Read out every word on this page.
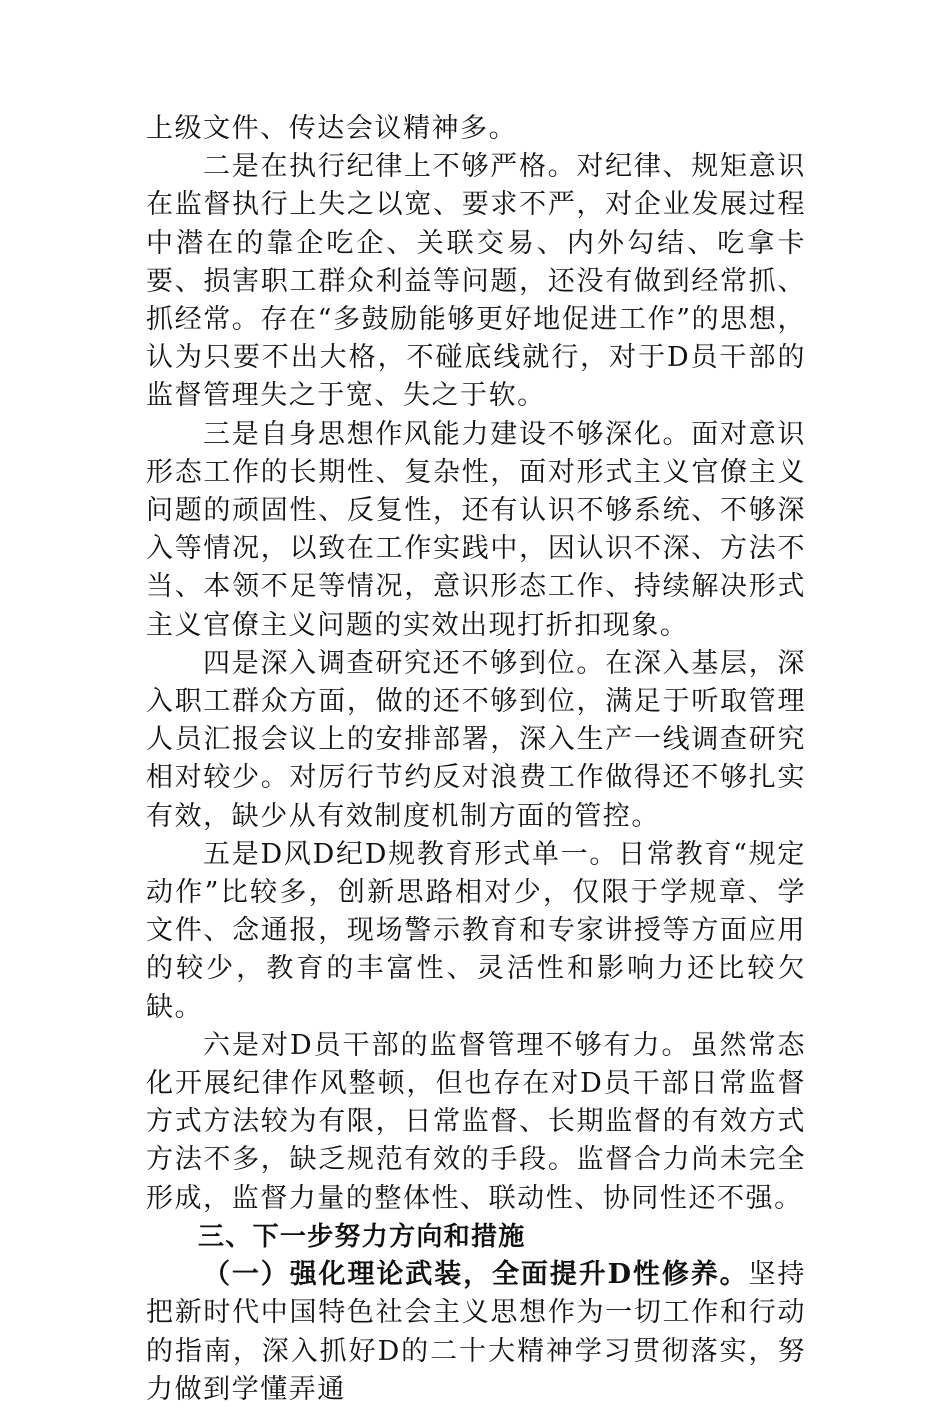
上级文件、传达会议精神多。

二是在执行纪律上不够严格。对纪律、规矩意识在监督执行上失之以宽、要求不严，对企业发展过程中潜在的靠企吃企、关联交易、内外勾结、吃拿卡要、损害职工群众利益等问题，还没有做到经常抓、抓经常。存在“多鼓励能够更好地促进工作”的思想，认为只要不出大格，不碰底线就行，对于D员干部的监督管理失之于宽、失之于软。

三是自身思想作风能力建设不够深化。面对意识形态工作的长期性、复杂性，面对形式主义官僚主义问题的顽固性、反复性，还有认识不够系统、不够深入等情况，以致在工作实践中，因认识不深、方法不当、本领不足等情况，意识形态工作、持续解决形式主义官僚主义问题的实效出现打折扣现象。

四是深入调查研究还不够到位。在深入基层，深入职工群众方面，做的还不够到位，满足于听取管理人员汇报会议上的安排部署，深入生产一线调查研究相对较少。对厉行节约反对浪费工作做得还不够扎实有效，缺少从有效制度机制方面的管控。

五是D风D纪D规教育形式单一。日常教育“规定动作”比较多，创新思路相对少，仅限于学规章、学文件、念通报，现场警示教育和专家讲授等方面应用的较少，教育的丰富性、灵活性和影响力还比较欠缺。

六是对D员干部的监督管理不够有力。虽然常态化开展纪律作风整顿，但也存在对D员干部日常监督方式方法较为有限，日常监督、长期监督的有效方式方法不多，缺乏规范有效的手段。监督合力尚未完全形成，监督力量的整体性、联动性、协同性还不强。

三、下一步努力方向和措施

（一）强化理论武装，全面提升D性修养。坚持把新时代中国特色社会主义思想作为一切工作和行动的指南，深入抓好D的二十大精神学习贯彻落实，努力做到学懂弄通
